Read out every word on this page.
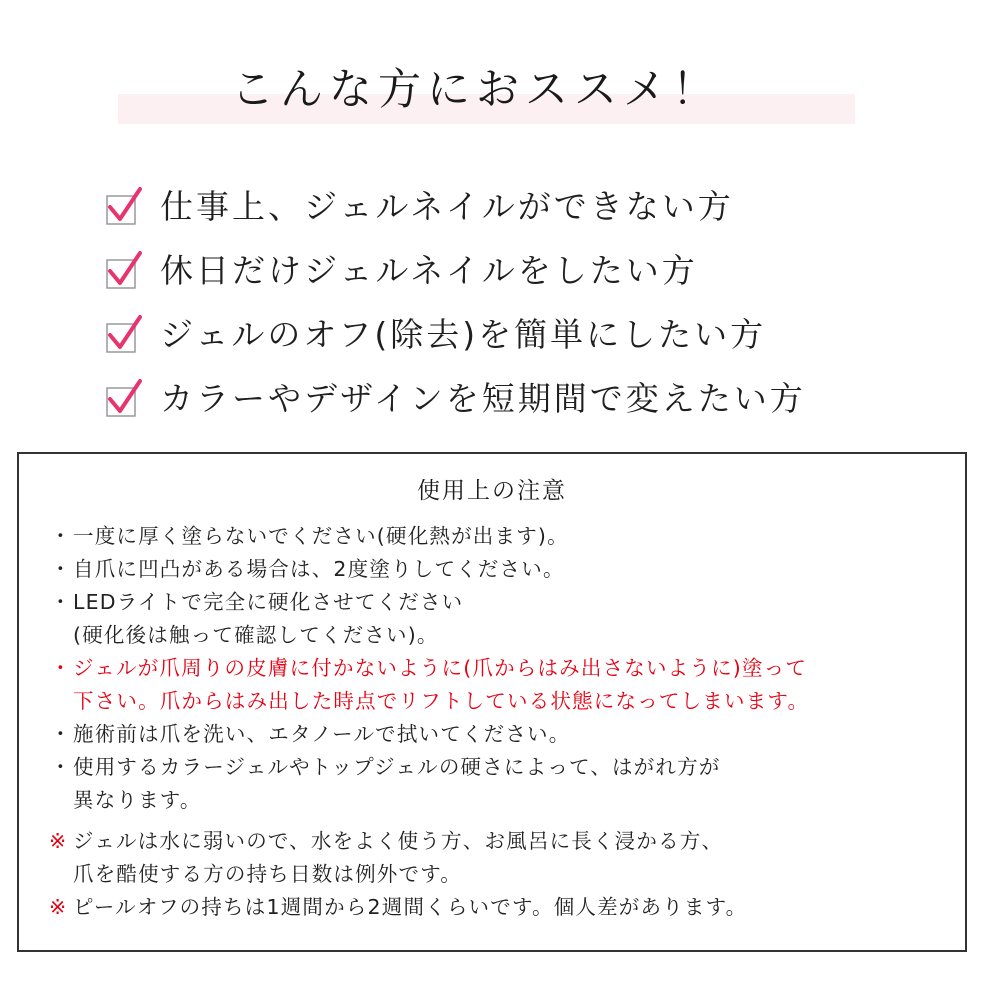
こんな方におススメ！
仕事上、ジェルネイルができない方
休日だけジェルネイルをしたい方
ジェルのオフ(除去)を簡単にしたい方
カラーやデザインを短期間で変えたい方
使用上の注意
・一度に厚く塗らないでください(硬化熱が出ます)。
・自爪に凹凸がある場合は、2度塗りしてください。
・LEDライトで完全に硬化させてください
(硬化後は触って確認してください)。
・ジェルが爪周りの皮膚に付かないように(爪からはみ出さないように)塗って
下さい。爪からはみ出した時点でリフトしている状態になってしまいます。
・施術前は爪を洗い、エタノールで拭いてください。
・使用するカラージェルやトップジェルの硬さによって、はがれ方が
異なります。
※ ジェルは水に弱いので、水をよく使う方、お風呂に長く浸かる方、
爪を酷使する方の持ち日数は例外です。
※ ピールオフの持ちは1週間から2週間くらいです。個人差があります。
